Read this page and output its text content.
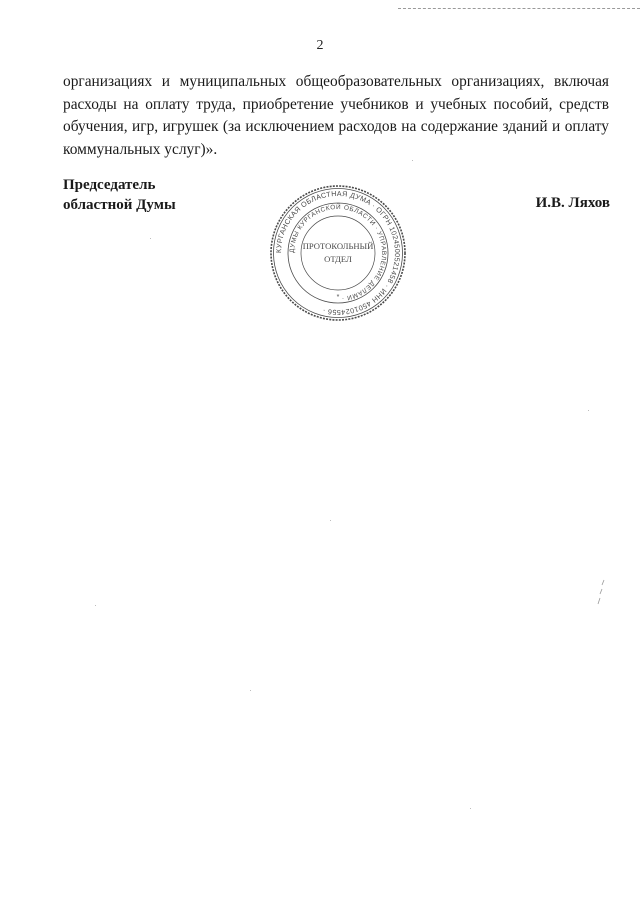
2

организациях и муниципальных общеобразовательных организациях, включая расходы на оплату труда, приобретение учебников и учебных пособий, средств обучения, игр, игрушек (за исключением расходов на содержание зданий и оплату коммунальных услуг)».

Председатель
областной Думы	И.В. Ляхов
КУРГАНСКАЯ ОБЛАСТНАЯ ДУМА · ОГРН 1024500521458 · ИНН 4501024556 ·
ДУМЫ КУРГАНСКОЙ ОБЛАСТИ · УПРАВЛЕНИЕ ДЕЛАМИ ·
ПРОТОКОЛЬНЫЙ
ОТДЕЛ
*
